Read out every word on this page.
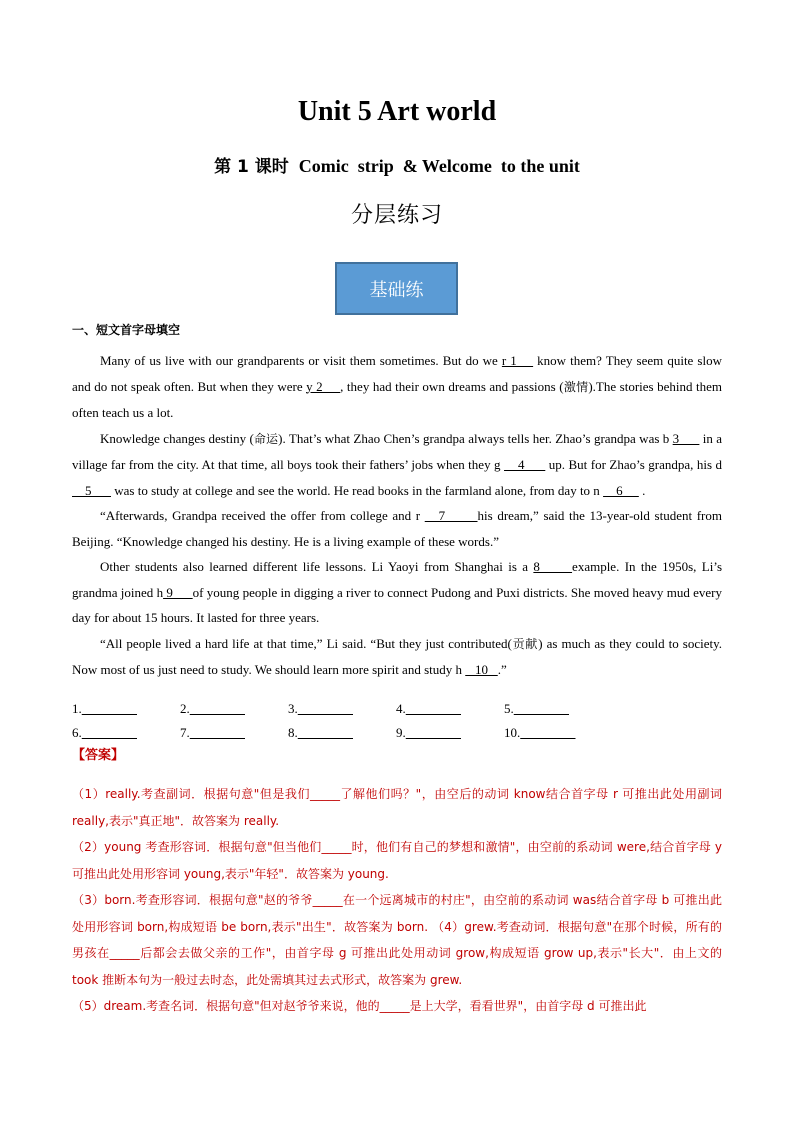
Unit 5 Art world
第 1 课时 Comic  strip  & Welcome  to the unit
分层练习
基础练
一、短文首字母填空

Many of us live with our grandparents or visit them sometimes. But do we r 1     know them? They seem quite slow and do not speak often. But when they were y 2     , they had their own dreams and passions (激情).The stories behind them often teach us a lot.

Knowledge changes destiny (命运). That’s what Zhao Chen’s grandpa always tells her. Zhao’s grandpa was b 3       in a village far from the city. At that time, all boys took their fathers’ jobs when they g     4       up. But for Zhao’s grandpa, his d    5       was to study at college and see the world. He read books in the farmland alone, from day to n     6      .

“Afterwards, Grandpa received the offer from college and r    7       his dream,” said the 13-year-old student from Beijing. “Knowledge changed his destiny. He is a living example of these words.”

Other students also learned different life lessons. Li Yaoyi from Shanghai is a 8      example. In the 1950s, Li’s grandma joined h 9      of young people in digging a river to connect Pudong and Puxi districts. She moved heavy mud every day for about 15 hours. It lasted for three years.

“All people lived a hard life at that time,” Li said. “But they just contributed(贡献) as much as they could to society. Now most of us just need to study. We should learn more spirit and study h    10   .”

1.	2.	3.	4.	5.
6.	7.	8.	9.	10.
【答案】

（1）really.考查副词．根据句意"但是我们_____了解他们吗？"，由空后的动词 know结合首字母 r 可推出此处用副词 really,表示"真正地"．故答案为 really.

（2）young 考查形容词．根据句意"但当他们_____时，他们有自己的梦想和激情"，由空前的系动词 were,结合首字母 y 可推出此处用形容词 young,表示"年轻"．故答案为 young.

（3）born.考查形容词．根据句意"赵的爷爷_____在一个远离城市的村庄"，由空前的系动词 was结合首字母 b 可推出此处用形容词 born,构成短语 be born,表示"出生"．故答案为 born. （4）grew.考查动词．根据句意"在那个时候，所有的男孩在_____后都会去做父亲的工作"，由首字母 g 可推出此处用动词 grow,构成短语 grow up,表示"长大"．由上文的 took 推断本句为一般过去时态，此处需填其过去式形式，故答案为 grew.

（5）dream.考查名词．根据句意"但对赵爷爷来说，他的_____是上大学，看看世界"，由首字母 d 可推出此
